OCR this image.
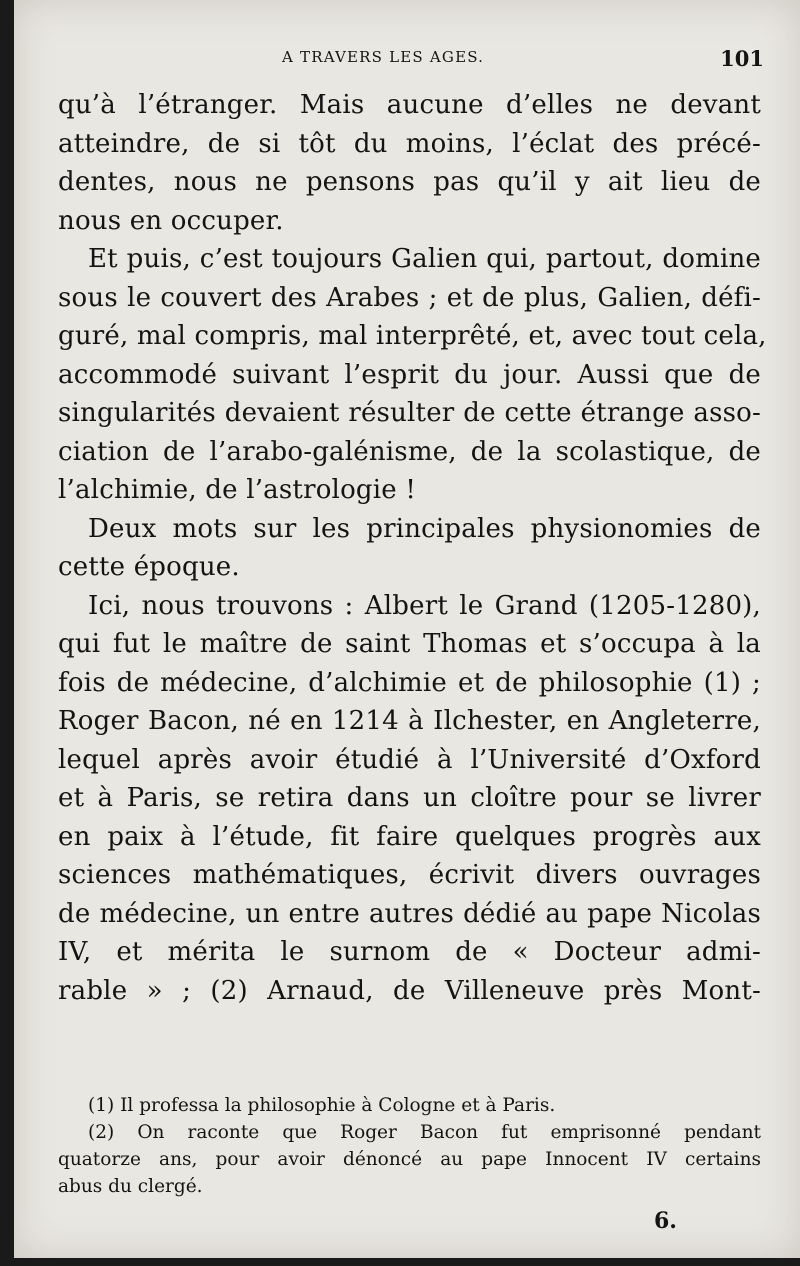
A TRAVERS LES AGES.	101
qu’à l’étranger. Mais aucune d’elles ne devant
atteindre, de si tôt du moins, l’éclat des précé-
dentes, nous ne pensons pas qu’il y ait lieu de
nous en occuper.
Et puis, c’est toujours Galien qui, partout, domine
sous le couvert des Arabes ; et de plus, Galien, défi-
guré, mal compris, mal interprêté, et, avec tout cela,
accommodé suivant l’esprit du jour. Aussi que de
singularités devaient résulter de cette étrange asso-
ciation de l’arabo-galénisme, de la scolastique, de
l’alchimie, de l’astrologie !
Deux mots sur les principales physionomies de
cette époque.
Ici, nous trouvons : Albert le Grand (1205-1280),
qui fut le maître de saint Thomas et s’occupa à la
fois de médecine, d’alchimie et de philosophie (1) ;
Roger Bacon, né en 1214 à Ilchester, en Angleterre,
lequel après avoir étudié à l’Université d’Oxford
et à Paris, se retira dans un cloître pour se livrer
en paix à l’étude, fit faire quelques progrès aux
sciences mathématiques, écrivit divers ouvrages
de médecine, un entre autres dédié au pape Nicolas
IV, et mérita le surnom de « Docteur admi-
rable » ; (2) Arnaud, de Villeneuve près Mont-
(1) Il professa la philosophie à Cologne et à Paris.
(2) On raconte que Roger Bacon fut emprisonné pendant
quatorze ans, pour avoir dénoncé au pape Innocent IV certains
abus du clergé.
6.
